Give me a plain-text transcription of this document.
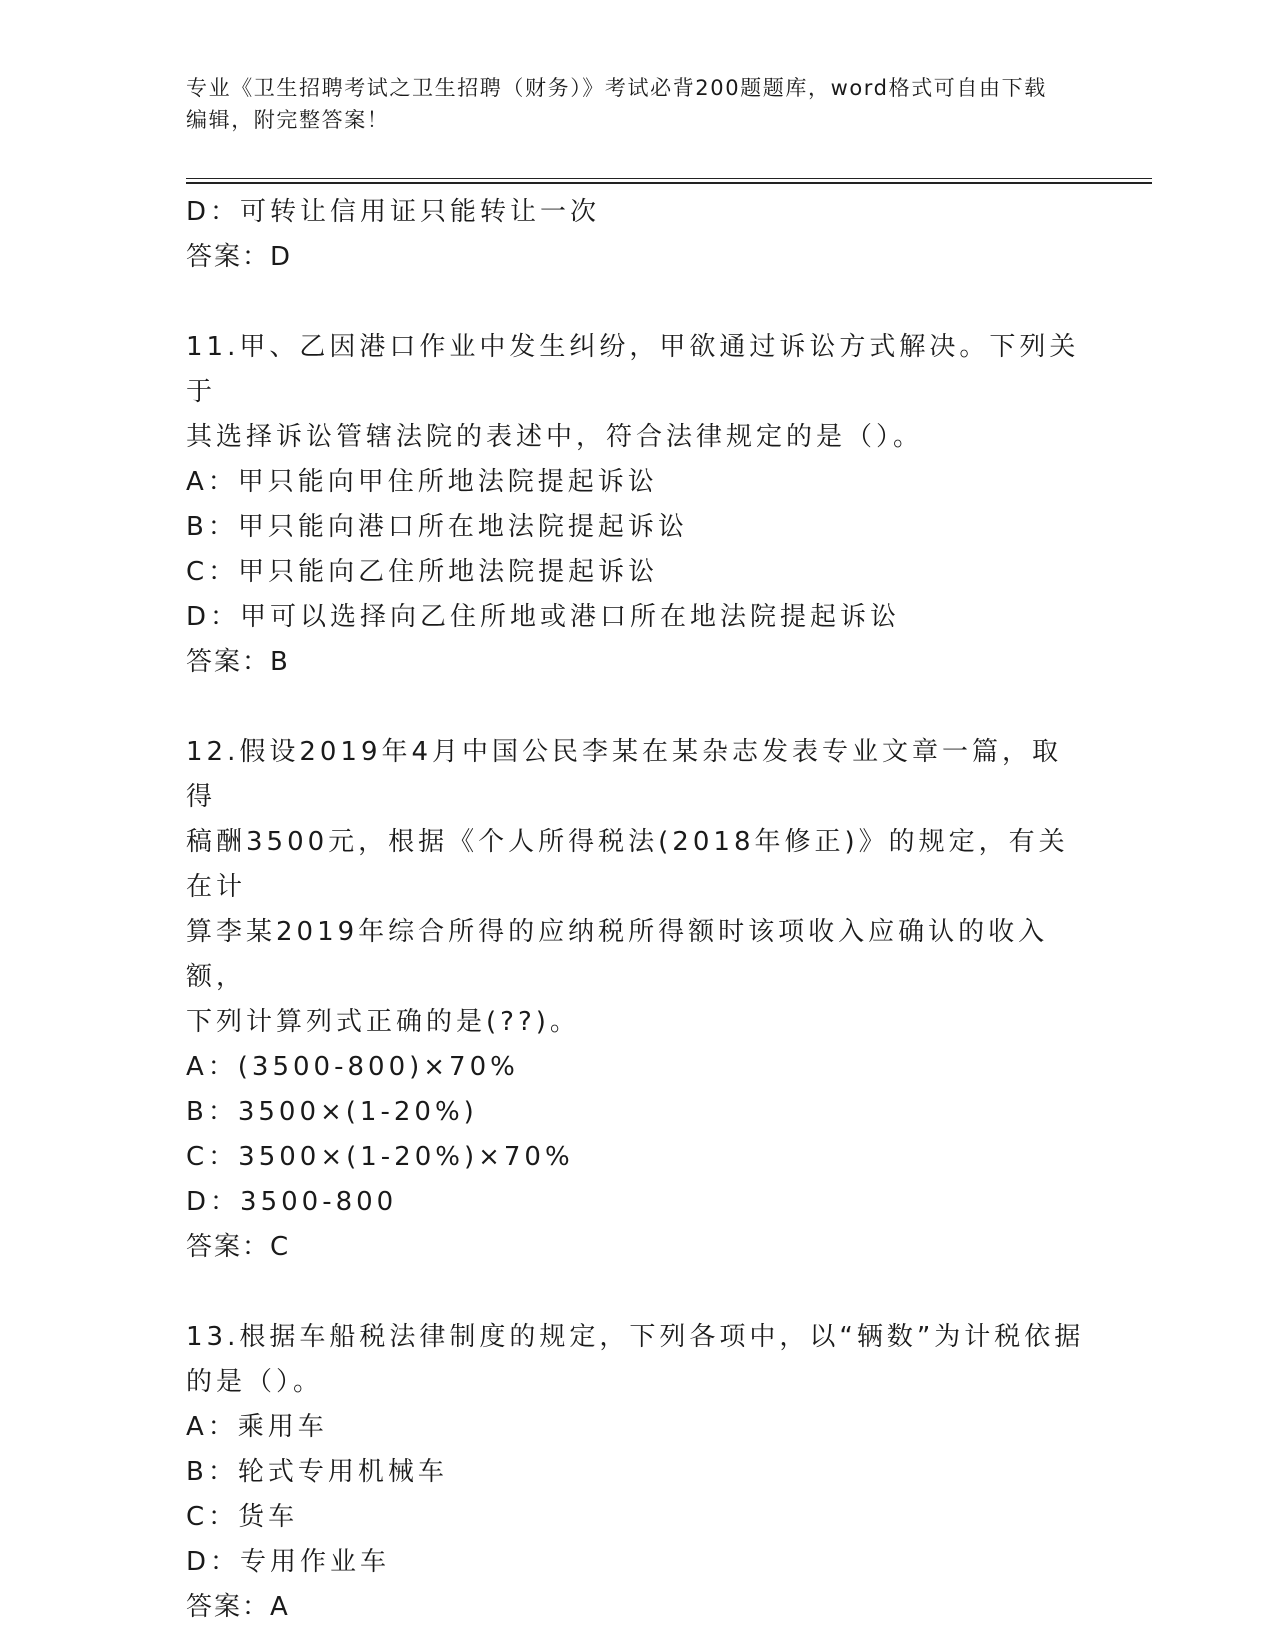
专业《卫生招聘考试之卫生招聘（财务）》考试必背200题题库，word格式可自由下载编辑，附完整答案！
D：可转让信用证只能转让一次
答案：D
11.甲、乙因港口作业中发生纠纷，甲欲通过诉讼方式解决。下列关于
其选择诉讼管辖法院的表述中，符合法律规定的是（）。
A：甲只能向甲住所地法院提起诉讼
B：甲只能向港口所在地法院提起诉讼
C：甲只能向乙住所地法院提起诉讼
D：甲可以选择向乙住所地或港口所在地法院提起诉讼
答案：B
12.假设2019年4月中国公民李某在某杂志发表专业文章一篇，取得
稿酬3500元，根据《个人所得税法(2018年修正)》的规定，有关在计
算李某2019年综合所得的应纳税所得额时该项收入应确认的收入额，
下列计算列式正确的是(??)。
A：(3500-800)×70%
B：3500×(1-20%)
C：3500×(1-20%)×70%
D：3500-800
答案：C
13.根据车船税法律制度的规定，下列各项中，以“辆数”为计税依据
的是（）。
A：乘用车
B：轮式专用机械车
C：货车
D：专用作业车
答案：A
